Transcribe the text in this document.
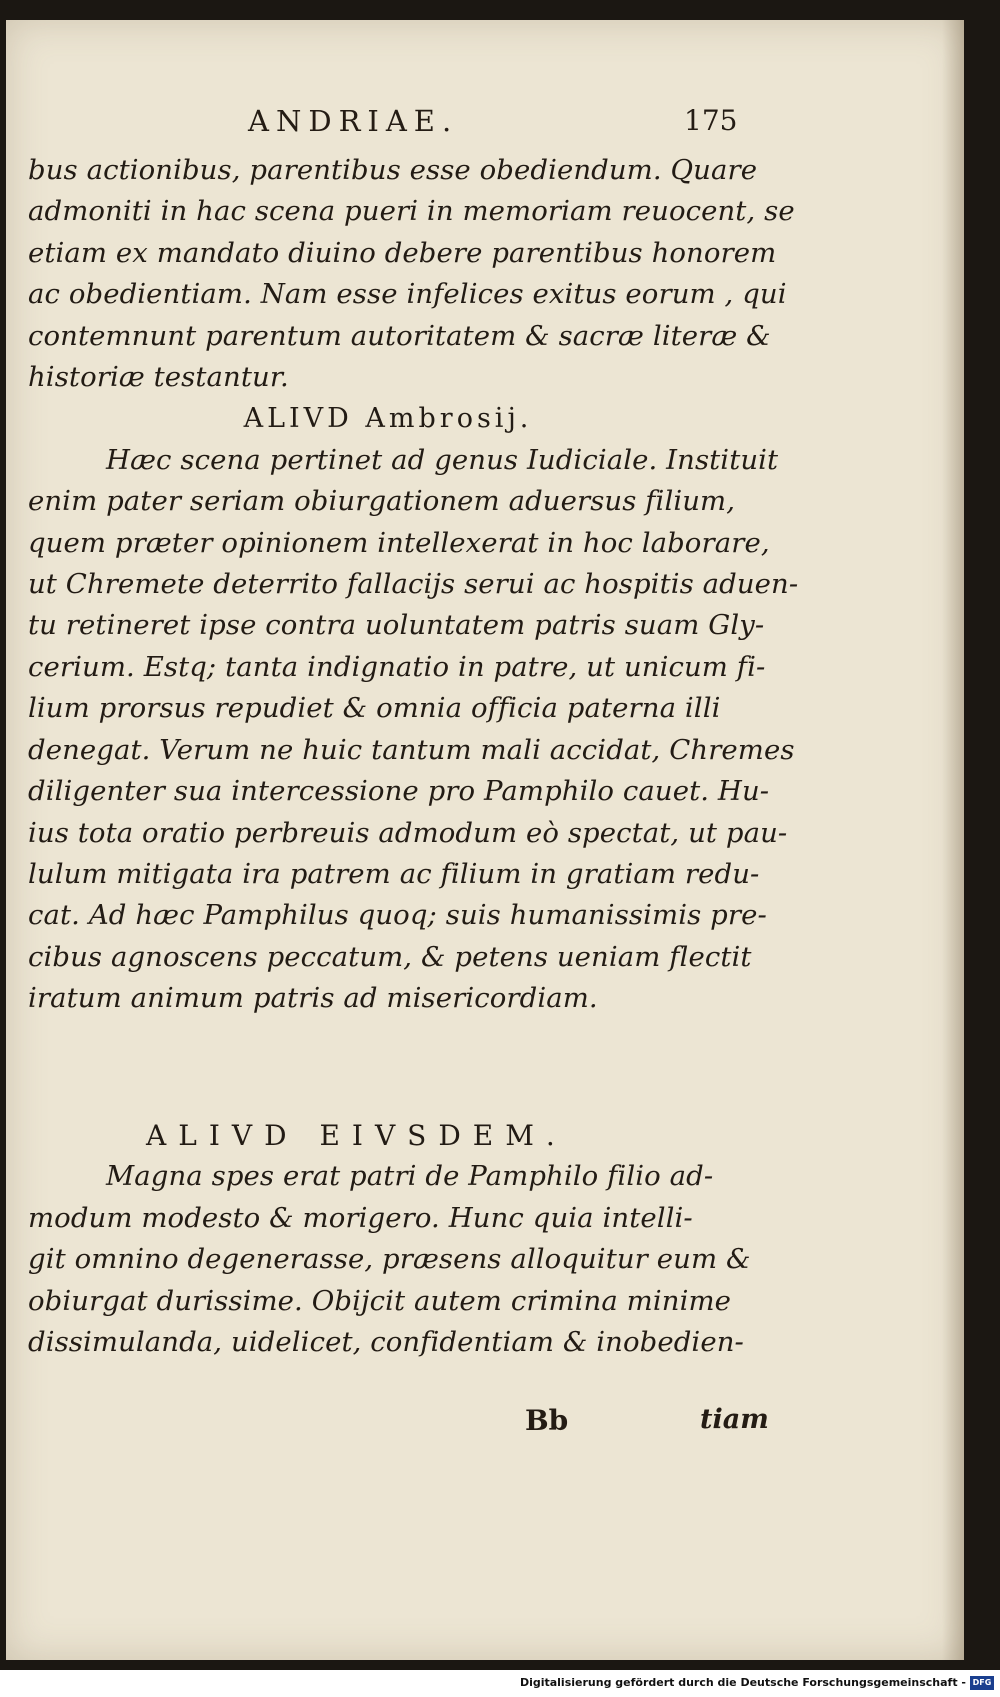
ANDRIAE.	175
bus actionibus, parentibus esse obediendum. Quare
admoniti in hac scena pueri in memoriam reuocent, se
etiam ex mandato diuino debere parentibus honorem
ac obedientiam. Nam esse infelices exitus eorum , qui
contemnunt parentum autoritatem & sacræ literæ &
historiæ testantur.
ALIVD Ambrosij.
Hæc scena pertinet ad genus Iudiciale. Instituit
enim pater seriam obiurgationem aduersus filium,
quem præter opinionem intellexerat in hoc laborare,
ut Chremete deterrito fallacijs serui ac hospitis aduen-
tu retineret ipse contra uoluntatem patris suam Gly-
cerium. Estq; tanta indignatio in patre, ut unicum fi-
lium prorsus repudiet & omnia officia paterna illi
denegat. Verum ne huic tantum mali accidat, Chremes
diligenter sua intercessione pro Pamphilo cauet. Hu-
ius tota oratio perbreuis admodum eò spectat, ut pau-
lulum mitigata ira patrem ac filium in gratiam redu-
cat. Ad hæc Pamphilus quoq; suis humanissimis pre-
cibus agnoscens peccatum, & petens ueniam flectit
iratum animum patris ad misericordiam.
ALIVD EIVSDEM.
Magna spes erat patri de Pamphilo filio ad-
modum modesto & morigero. Hunc quia intelli-
git omnino degenerasse, præsens alloquitur eum &
obiurgat durissime. Obijcit autem crimina minime
dissimulanda, uidelicet, confidentiam & inobedien-
Bb	tiam
Digitalisierung gefördert durch die Deutsche Forschungsgemeinschaft - DFG
